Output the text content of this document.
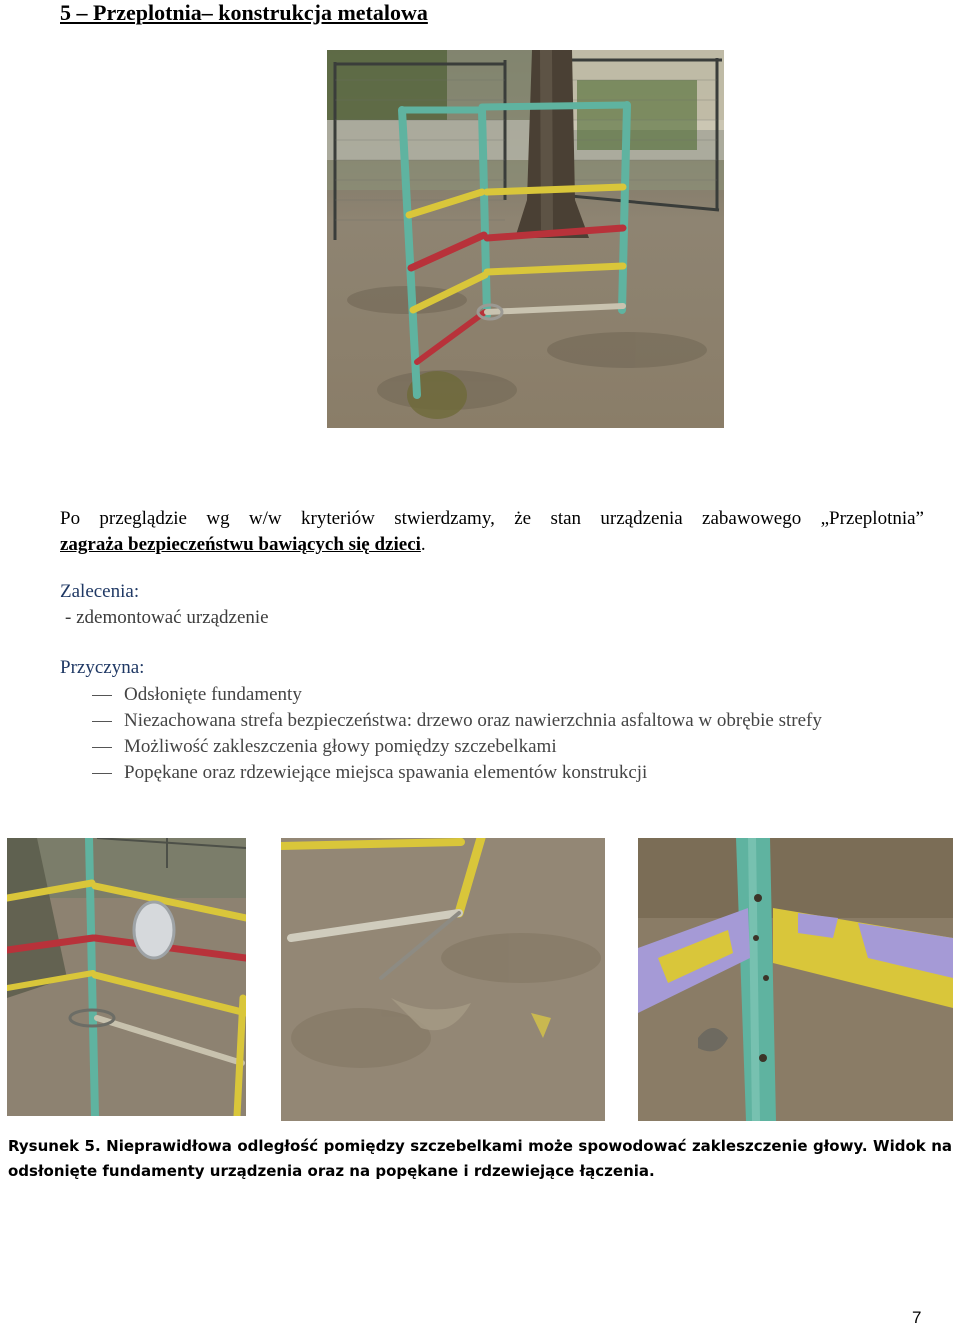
5 – Przeplotnia– konstrukcja metalowa
Po przeglądzie wg w/w kryteriów stwierdzamy, że stan urządzenia zabawowego „Przeplotnia”
zagraża bezpieczeństwu bawiących się dzieci.
Zalecenia:
- zdemontować urządzenie
Przyczyna:
Odsłonięte fundamenty
Niezachowana strefa bezpieczeństwa: drzewo oraz nawierzchnia asfaltowa w obrębie strefy
Możliwość zakleszczenia głowy pomiędzy szczebelkami
Popękane oraz rdzewiejące miejsca spawania elementów konstrukcji
Rysunek 5. Nieprawidłowa odległość pomiędzy szczebelkami może spowodować zakleszczenie głowy. Widok na odsłonięte fundamenty urządzenia oraz na popękane i rdzewiejące łączenia.
7
